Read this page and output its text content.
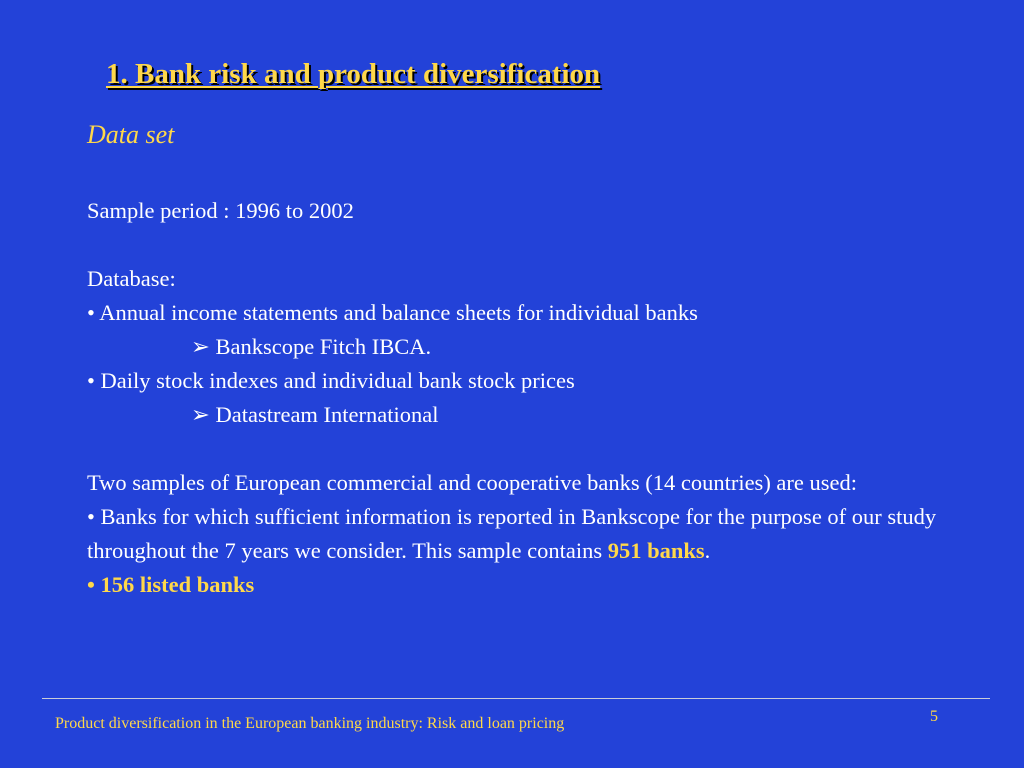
1. Bank risk and product diversification
Data set
Sample period : 1996 to 2002
Database:
• Annual income statements and balance sheets for individual banks
➢ Bankscope Fitch IBCA.
• Daily stock indexes and individual bank stock prices
➢ Datastream International
Two samples of European commercial and cooperative banks (14 countries) are used:
• Banks for which sufficient information is reported in Bankscope for the purpose of our study throughout the 7 years we consider. This sample contains 951 banks.
• 156 listed banks
Product diversification in the European banking industry: Risk and loan pricing	5
